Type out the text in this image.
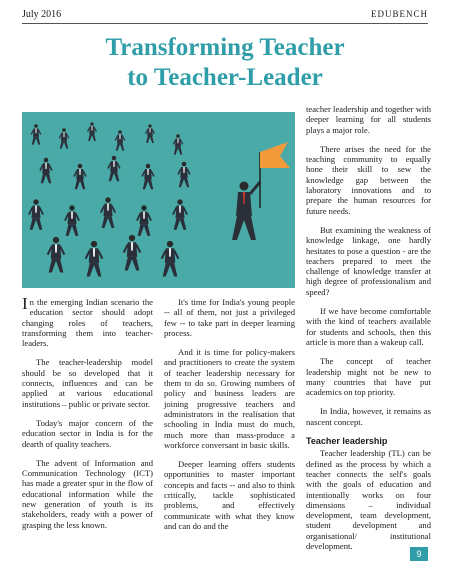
July 2016	EDUBENCH
Transforming Teacher
to Teacher-Leader

In the emerging Indian scenario the education sector should adopt changing roles of teachers, transforming them into teacher-leaders.

The teacher-leadership model should be so developed that it connects, influences and can be applied at various educational institutions – public or private sector.

Today's major concern of the education sector in India is for the dearth of quality teachers.

The advent of Information and Communication Technology (ICT) has made a greater spur in the flow of educational information while the new generation of youth is its stakeholders, ready with a power of grasping the less known.

It's time for India's young people -- all of them, not just a privileged few -- to take part in deeper learning process.

And it is time for policy-makers and practitioners to create the system of teacher leadership necessary for them to do so. Growing numbers of policy and business leaders are joining progressive teachers and administrators in the realisation that schooling in India must do much, much more than mass-produce a workforce conversant in basic skills.

Deeper learning offers students opportunities to master important concepts and facts -- and also to think critically, tackle sophisticated problems, and effectively communicate with what they know and can do and the

teacher leadership and together with deeper learning for all students plays a major role.

There arises the need for the teaching community to equally hone their skill to sew the knowledge gap between the laboratory innovations and to prepare the human resources for future needs.

But examining the weakness of knowledge linkage, one hardly hesitates to pose a question - are the teachers prepared to meet the challenge of knowledge transfer at high degree of professionalism and speed?

If we have become comfortable with the kind of teachers available for students and schools, then this article is more than a wakeup call.

The concept of teacher leadership might not be new to many countries that have put academics on top priority.

In India, however, it remains as nascent concept.

Teacher leadership

Teacher leadership (TL) can be defined as the process by which a teacher connects the self's goals with the goals of education and intentionally works on four dimensions – individual development, team development, student development and organisational/ institutional development.

9
